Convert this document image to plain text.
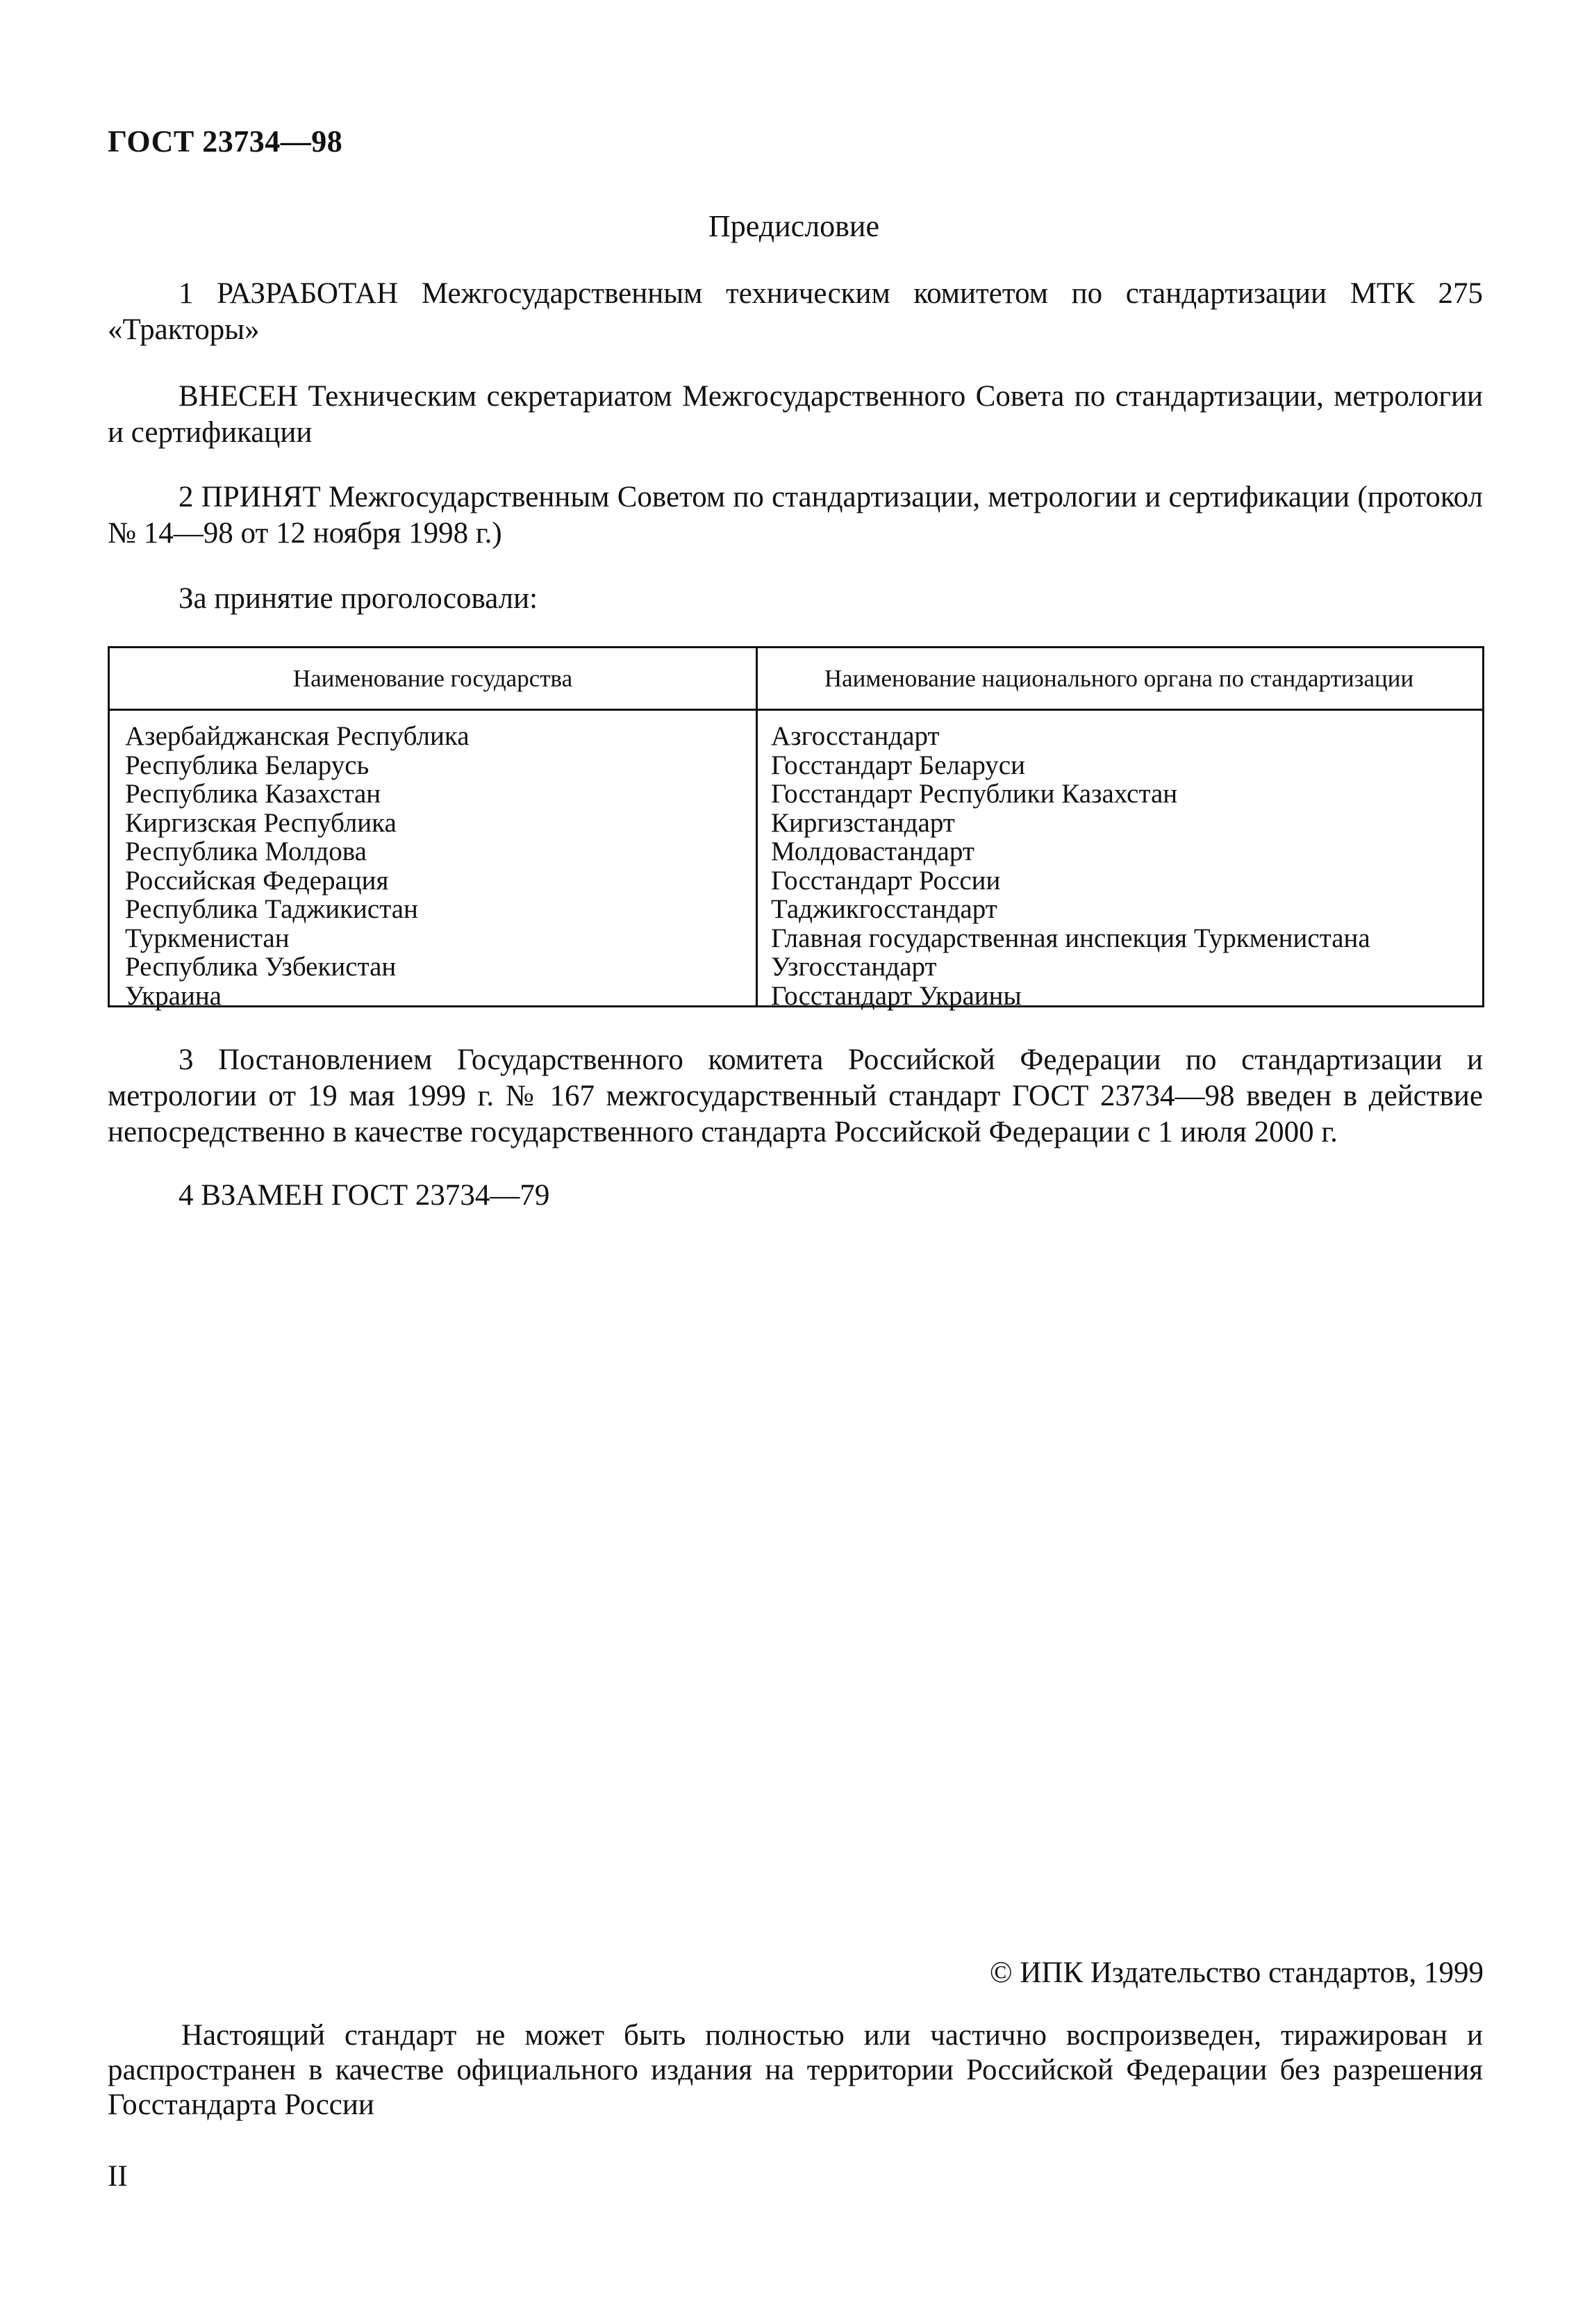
ГОСТ 23734—98
Предисловие
1 РАЗРАБОТАН Межгосударственным техническим комитетом по стандартизации МТК 275 «Тракторы»
ВНЕСЕН Техническим секретариатом Межгосударственного Совета по стандартизации, метрологии и сертификации
2 ПРИНЯТ Межгосударственным Советом по стандартизации, метрологии и сертификации (протокол № 14—98 от 12 ноября 1998 г.)
За принятие проголосовали:
Наименование государства	Наименование национального органа по стандартизации
Азербайджанская Республика
Республика Беларусь
Республика Казахстан
Киргизская Республика
Республика Молдова
Российская Федерация
Республика Таджикистан
Туркменистан
Республика Узбекистан
Украина
Азгосстандарт
Госстандарт Беларуси
Госстандарт Республики Казахстан
Киргизстандарт
Молдовастандарт
Госстандарт России
Таджикгосстандарт
Главная государственная инспекция Туркменистана
Узгосстандарт
Госстандарт Украины
3 Постановлением Государственного комитета Российской Федерации по стандартизации и метрологии от 19 мая 1999 г. № 167 межгосударственный стандарт ГОСТ 23734—98 введен в действие непосредственно в качестве государственного стандарта Российской Федерации с 1 июля 2000 г.
4 ВЗАМЕН ГОСТ 23734—79
© ИПК Издательство стандартов, 1999
Настоящий стандарт не может быть полностью или частично воспроизведен, тиражирован и распространен в качестве официального издания на территории Российской Федерации без разрешения Госстандарта России
II
